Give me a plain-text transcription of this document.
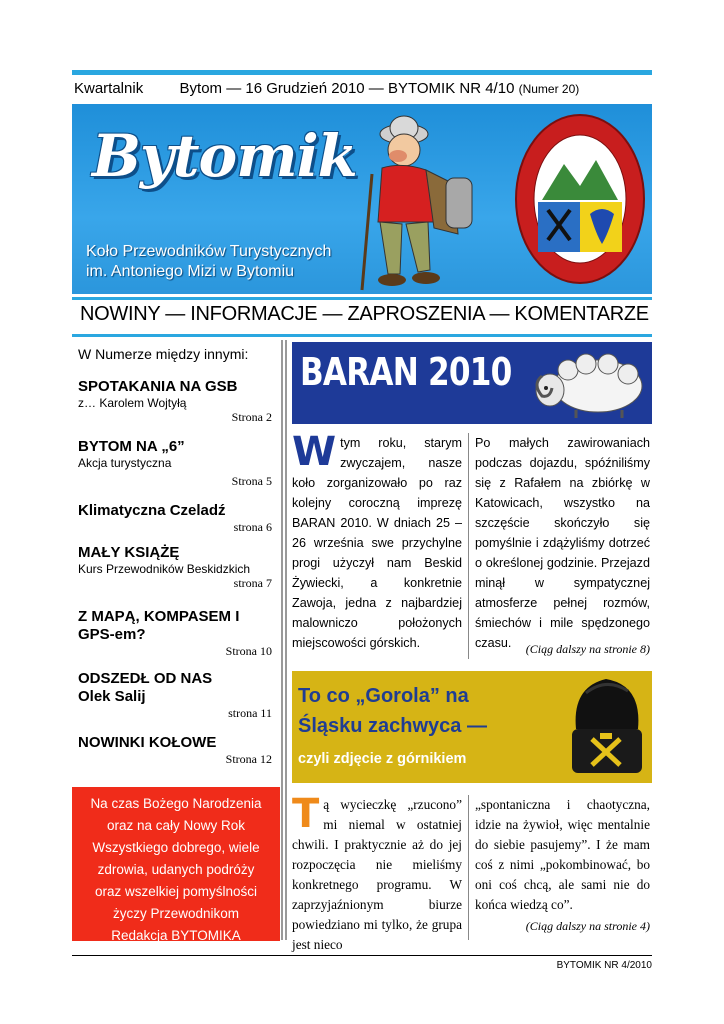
Kwartalnik Bytom — 16 Grudzień 2010 — BYTOMIK NR 4/10 (Numer 20)
Bytomik
Koło Przewodników Turystycznych
im. Antoniego Mizi w Bytomiu
NOWINY — INFORMACJE — ZAPROSZENIA — KOMENTARZE
W Numerze między innymi:
SPOTAKANIA NA GSB
z… Karolem Wojtyłą
Strona 2
BYTOM NA „6”
Akcja turystyczna
Strona 5
Klimatyczna Czeladź
strona 6
MAŁY KSIĄŻĘ
Kurs Przewodników Beskidzkich
strona 7
Z MAPĄ, KOMPASEM I GPS-em?
Strona 10
ODSZEDŁ OD NAS Olek Salij
strona 11
NOWINKI KOŁOWE
Strona 12
Na czas Bożego Narodzenia
oraz na cały Nowy Rok
Wszystkiego dobrego, wiele
zdrowia, udanych podróży
oraz wszelkiej pomyślności
życzy Przewodnikom
Redakcja BYTOMIKA
BARAN 2010
Wtym roku, starym zwyczajem, nasze koło zorganizowało po raz kolejny coroczną imprezę BARAN 2010. W dniach 25 – 26 września swe przychylne progi użyczył nam Beskid Żywiecki, a konkretnie Zawoja, jedna z najbardziej malowniczo położonych miejscowości górskich.
Po małych zawirowaniach podczas dojazdu, spóźniliśmy się z Rafałem na zbiórkę w Katowicach, wszystko na szczęście skończyło się pomyślnie i zdążyliśmy dotrzeć o określonej godzinie. Przejazd minął w sympatycznej atmosferze pełnej rozmów, śmiechów i mile spędzonego czasu.	(Ciąg dalszy na stronie 8)
To co „Gorola” na
Śląsku zachwyca —
czyli zdjęcie z górnikiem
Tą wycieczkę „rzucono” mi niemal w ostatniej chwili. I praktycznie aż do jej rozpoczęcia nie mieliśmy konkretnego programu. W zaprzyjaźnionym biurze powiedziano mi tylko, że grupa jest nieco
„spontaniczna i chaotyczna, idzie na żywioł, więc mentalnie do siebie pasujemy”. I że mam coś z nimi „pokombinować, bo oni coś chcą, ale sami nie do końca wiedzą co”.
(Ciąg dalszy na stronie 4)
BYTOMIK NR 4/2010
